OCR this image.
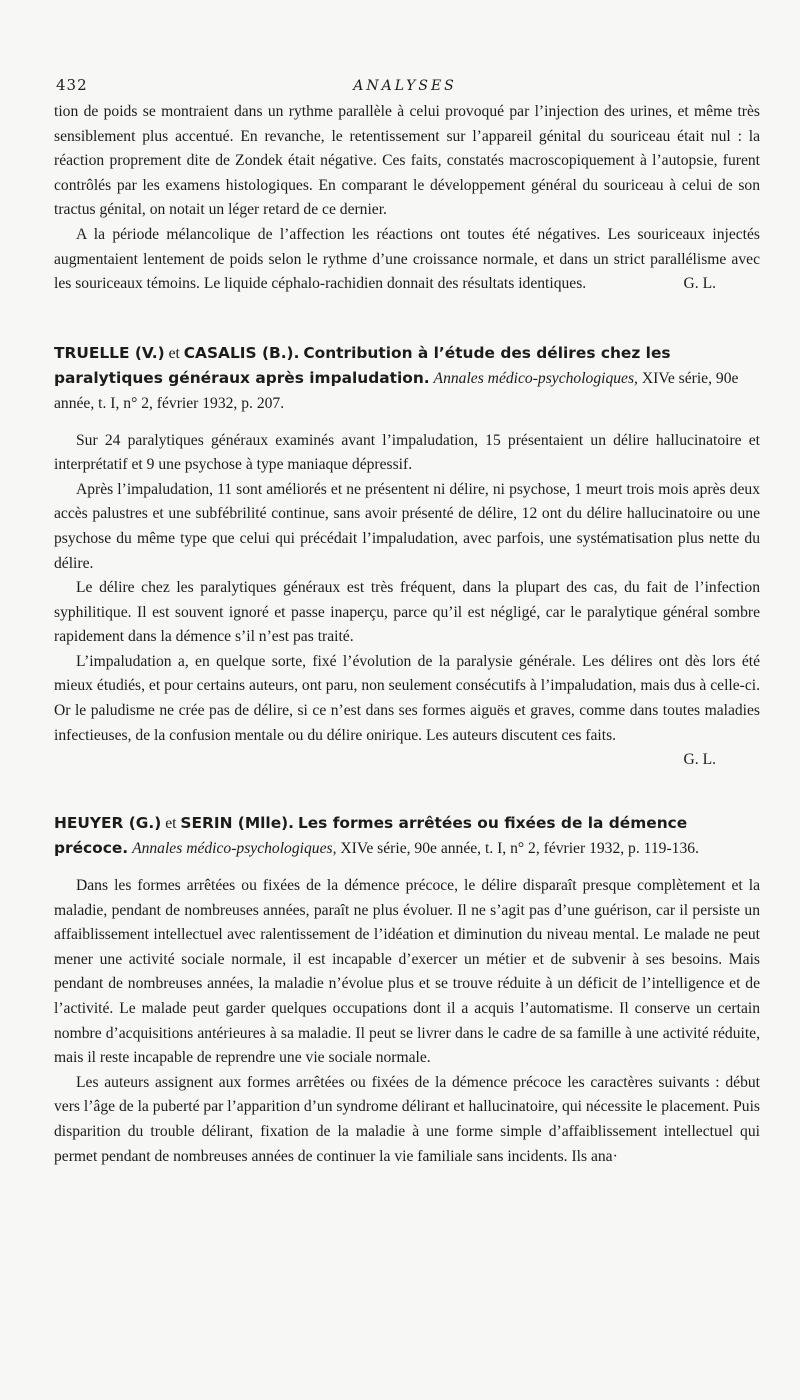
432	ANALYSES

tion de poids se montraient dans un rythme parallèle à celui provoqué par l’injection des urines, et même très sensiblement plus accentué. En revanche, le retentissement sur l’appareil génital du souriceau était nul : la réaction proprement dite de Zondek était négative. Ces faits, constatés macroscopiquement à l’autopsie, furent contrôlés par les examens histologiques. En comparant le développement général du souriceau à celui de son tractus génital, on notait un léger retard de ce dernier.

A la période mélancolique de l’affection les réactions ont toutes été négatives. Les souriceaux injectés augmentaient lentement de poids selon le rythme d’une croissance normale, et dans un strict parallélisme avec les souriceaux témoins. Le liquide céphalo-rachidien donnait des résultats identiques.	G. L.

TRUELLE (V.) et CASALIS (B.). Contribution à l’étude des délires chez les paralytiques généraux après impaludation. Annales médico-psychologiques, XIVe série, 90e année, t. I, n° 2, février 1932, p. 207.

Sur 24 paralytiques généraux examinés avant l’impaludation, 15 présentaient un délire hallucinatoire et interprétatif et 9 une psychose à type maniaque dépressif.

Après l’impaludation, 11 sont améliorés et ne présentent ni délire, ni psychose, 1 meurt trois mois après deux accès palustres et une subfébrilité continue, sans avoir présenté de délire, 12 ont du délire hallucinatoire ou une psychose du même type que celui qui précédait l’impaludation, avec parfois, une systématisation plus nette du délire.

Le délire chez les paralytiques généraux est très fréquent, dans la plupart des cas, du fait de l’infection syphilitique. Il est souvent ignoré et passe inaperçu, parce qu’il est négligé, car le paralytique général sombre rapidement dans la démence s’il n’est pas traité.

L’impaludation a, en quelque sorte, fixé l’évolution de la paralysie générale. Les délires ont dès lors été mieux étudiés, et pour certains auteurs, ont paru, non seulement consécutifs à l’impaludation, mais dus à celle-ci. Or le paludisme ne crée pas de délire, si ce n’est dans ses formes aiguës et graves, comme dans toutes maladies infectieuses, de la confusion mentale ou du délire onirique. Les auteurs discutent ces faits.

G. L.
HEUYER (G.) et SERIN (Mlle). Les formes arrêtées ou fixées de la démence précoce. Annales médico-psychologiques, XIVe série, 90e année, t. I, n° 2, février 1932, p. 119-136.

Dans les formes arrêtées ou fixées de la démence précoce, le délire disparaît presque complètement et la maladie, pendant de nombreuses années, paraît ne plus évoluer. Il ne s’agit pas d’une guérison, car il persiste un affaiblissement intellectuel avec ralentissement de l’idéation et diminution du niveau mental. Le malade ne peut mener une activité sociale normale, il est incapable d’exercer un métier et de subvenir à ses besoins. Mais pendant de nombreuses années, la maladie n’évolue plus et se trouve réduite à un déficit de l’intelligence et de l’activité. Le malade peut garder quelques occupations dont il a acquis l’automatisme. Il conserve un certain nombre d’acquisitions antérieures à sa maladie. Il peut se livrer dans le cadre de sa famille à une activité réduite, mais il reste incapable de reprendre une vie sociale normale.

Les auteurs assignent aux formes arrêtées ou fixées de la démence précoce les caractères suivants : début vers l’âge de la puberté par l’apparition d’un syndrome délirant et hallucinatoire, qui nécessite le placement. Puis disparition du trouble délirant, fixation de la maladie à une forme simple d’affaiblissement intellectuel qui permet pendant de nombreuses années de continuer la vie familiale sans incidents. Ils ana·
